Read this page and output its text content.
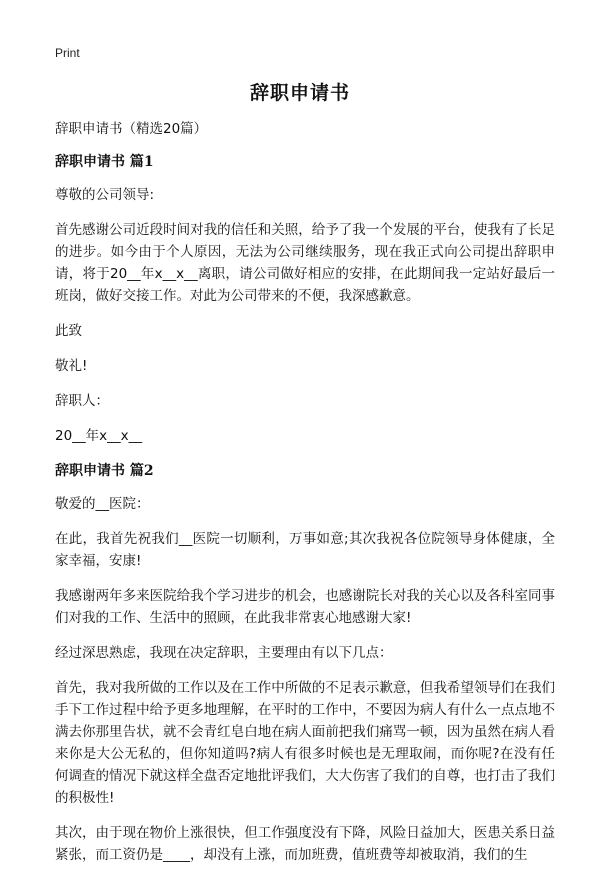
Print
辞职申请书

辞职申请书（精选20篇）

辞职申请书 篇1

尊敬的公司领导:

首先感谢公司近段时间对我的信任和关照，给予了我一个发展的平台，使我有了长足的进步。如今由于个人原因，无法为公司继续服务，现在我正式向公司提出辞职申请，将于20__年x__x__离职，请公司做好相应的安排，在此期间我一定站好最后一班岗，做好交接工作。对此为公司带来的不便，我深感歉意。

此致

敬礼!

辞职人：

20__年x__x__

辞职申请书 篇2

敬爱的__医院：

在此，我首先祝我们__医院一切顺利，万事如意;其次我祝各位院领导身体健康，全家幸福，安康!

我感谢两年多来医院给我个学习进步的机会，也感谢院长对我的关心以及各科室同事们对我的工作、生活中的照顾，在此我非常衷心地感谢大家!

经过深思熟虑，我现在决定辞职，主要理由有以下几点：

首先，我对我所做的工作以及在工作中所做的不足表示歉意，但我希望领导们在我们手下工作过程中给予更多地理解，在平时的工作中，不要因为病人有什么一点点地不满去你那里告状，就不会青红皂白地在病人面前把我们痛骂一顿，因为虽然在病人看来你是大公无私的，但你知道吗?病人有很多时候也是无理取闹，而你呢?在没有任何调查的情况下就这样全盘否定地批评我们，大大伤害了我们的自尊，也打击了我们的积极性!

其次，由于现在物价上涨很快，但工作强度没有下降，风险日益加大，医患关系日益紧张，而工资仍是____，却没有上涨，而加班费，值班费等却被取消，我们的生
